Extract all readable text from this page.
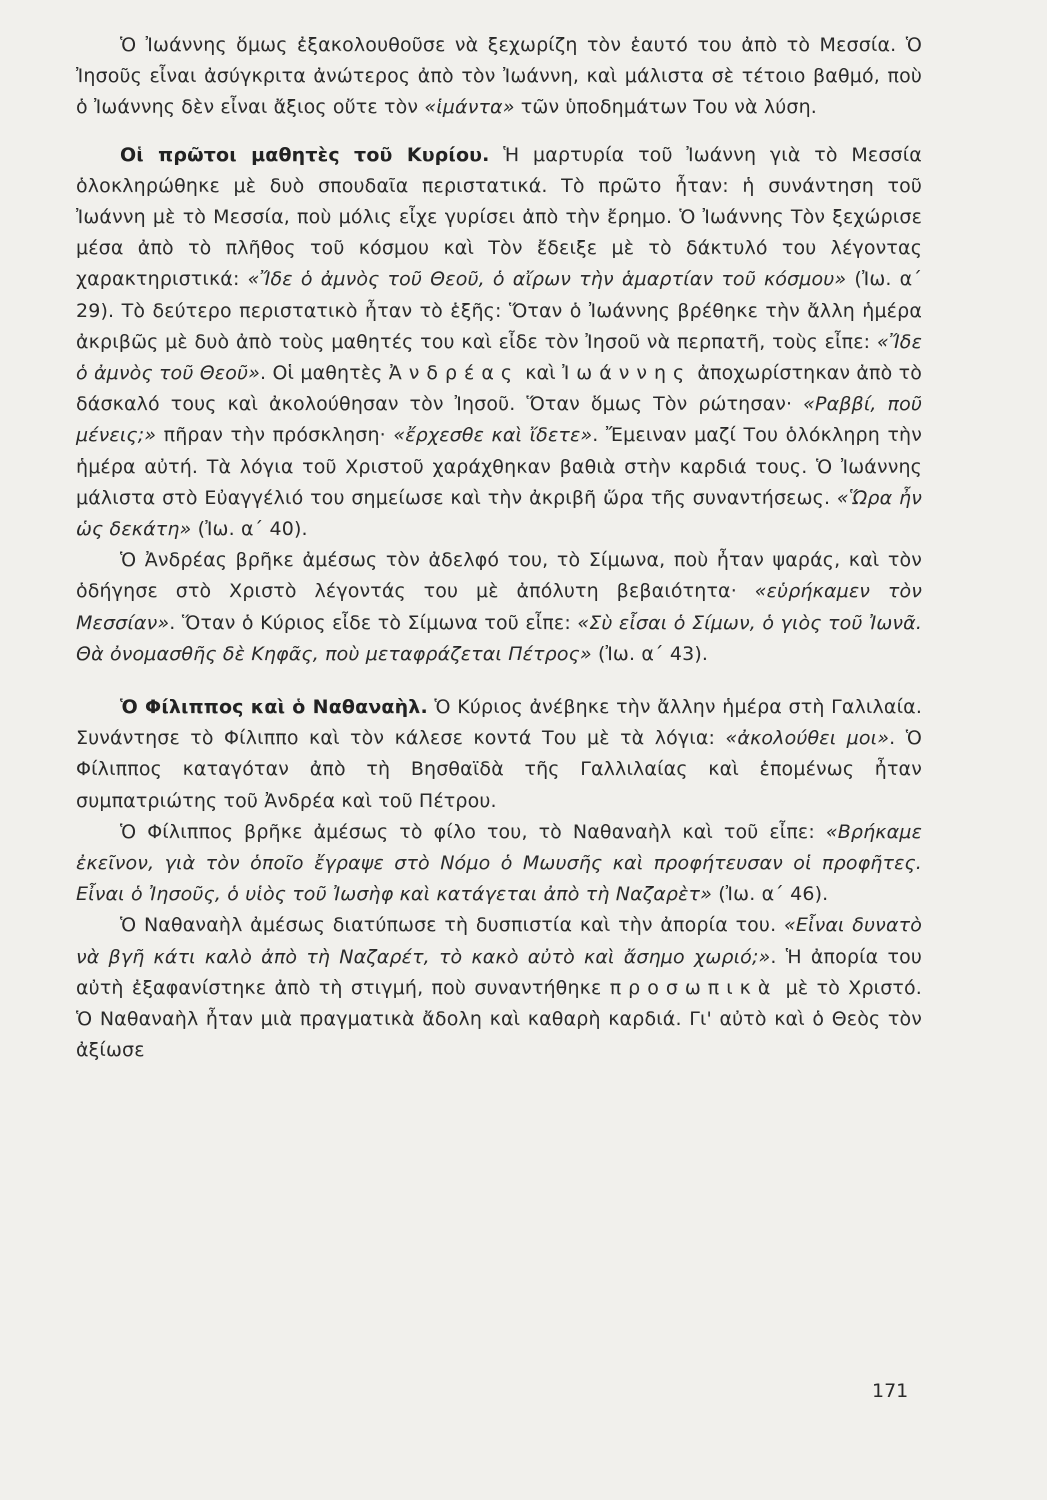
Ὁ Ἰωάννης ὅμως ἐξακολουθοῦσε νὰ ξεχωρίζη τὸν ἑαυτό του ἀπὸ τὸ Μεσσία. Ὁ Ἰησοῦς εἶναι ἀσύγκριτα ἀνώτερος ἀπὸ τὸν Ἰωάννη, καὶ μάλιστα σὲ τέτοιο βαθμό, ποὺ ὁ Ἰωάννης δὲν εἶναι ἄξιος οὔτε τὸν «ἱμάντα» τῶν ὑποδημάτων Του νὰ λύση.

Οἱ πρῶτοι μαθητὲς τοῦ Κυρίου. Ἡ μαρτυρία τοῦ Ἰωάννη γιὰ τὸ Μεσσία ὁλοκληρώθηκε μὲ δυὸ σπουδαῖα περιστατικά. Τὸ πρῶτο ἦταν: ἡ συνάντηση τοῦ Ἰωάννη μὲ τὸ Μεσσία, ποὺ μόλις εἶχε γυρίσει ἀπὸ τὴν ἔρημο. Ὁ Ἰωάννης Τὸν ξεχώρισε μέσα ἀπὸ τὸ πλῆθος τοῦ κόσμου καὶ Τὸν ἔδειξε μὲ τὸ δάκτυλό του λέγοντας χαρακτηριστικά: «Ἴδε ὁ ἀμνὸς τοῦ Θεοῦ, ὁ αἴρων τὴν ἁμαρτίαν τοῦ κόσμου» (Ἰω. α΄ 29). Τὸ δεύτερο περιστατικὸ ἦταν τὸ ἑξῆς: Ὅταν ὁ Ἰωάννης βρέθηκε τὴν ἄλλη ἡμέρα ἀκριβῶς μὲ δυὸ ἀπὸ τοὺς μαθητές του καὶ εἶδε τὸν Ἰησοῦ νὰ περπατῆ, τοὺς εἶπε: «Ἴδε ὁ ἀμνὸς τοῦ Θεοῦ». Οἱ μαθητὲς Ἀνδρέας καὶ Ἰωάννης ἀποχωρίστηκαν ἀπὸ τὸ δάσκαλό τους καὶ ἀκολούθησαν τὸν Ἰησοῦ. Ὅταν ὅμως Τὸν ρώτησαν· «Ραββί, ποῦ μένεις;» πῆραν τὴν πρόσκληση· «ἔρχεσθε καὶ ἴδετε». Ἔμειναν μαζί Του ὁλόκληρη τὴν ἡμέρα αὐτή. Τὰ λόγια τοῦ Χριστοῦ χαράχθηκαν βαθιὰ στὴν καρδιά τους. Ὁ Ἰωάννης μάλιστα στὸ Εὐαγγέλιό του σημείωσε καὶ τὴν ἀκριβῆ ὥρα τῆς συναντήσεως. «Ὥρα ἦν ὡς δεκάτη» (Ἰω. α΄ 40).

Ὁ Ἀνδρέας βρῆκε ἀμέσως τὸν ἀδελφό του, τὸ Σίμωνα, ποὺ ἦταν ψαράς, καὶ τὸν ὁδήγησε στὸ Χριστὸ λέγοντάς του μὲ ἀπόλυτη βεβαιότητα· «εὑρήκαμεν τὸν Μεσσίαν». Ὅταν ὁ Κύριος εἶδε τὸ Σίμωνα τοῦ εἶπε: «Σὺ εἶσαι ὁ Σίμων, ὁ γιὸς τοῦ Ἰωνᾶ. Θὰ ὀνομασθῆς δὲ Κηφᾶς, ποὺ μεταφράζεται Πέτρος» (Ἰω. α΄ 43).

Ὁ Φίλιππος καὶ ὁ Ναθαναὴλ. Ὁ Κύριος ἀνέβηκε τὴν ἄλλην ἡμέρα στὴ Γαλιλαία. Συνάντησε τὸ Φίλιππο καὶ τὸν κάλεσε κοντά Του μὲ τὰ λόγια: «ἀκολούθει μοι». Ὁ Φίλιππος καταγόταν ἀπὸ τὴ Βησθαϊδὰ τῆς Γαλλιλαίας καὶ ἑπομένως ἦταν συμπατριώτης τοῦ Ἀνδρέα καὶ τοῦ Πέτρου.

Ὁ Φίλιππος βρῆκε ἀμέσως τὸ φίλο του, τὸ Ναθαναὴλ καὶ τοῦ εἶπε: «Βρήκαμε ἐκεῖνον, γιὰ τὸν ὁποῖο ἔγραψε στὸ Νόμο ὁ Μωυσῆς καὶ προφήτευσαν οἱ προφῆτες. Εἶναι ὁ Ἰησοῦς, ὁ υἱὸς τοῦ Ἰωσὴφ καὶ κατάγεται ἀπὸ τὴ Ναζαρὲτ» (Ἰω. α΄ 46).

Ὁ Ναθαναὴλ ἀμέσως διατύπωσε τὴ δυσπιστία καὶ τὴν ἀπορία του. «Εἶναι δυνατὸ νὰ βγῆ κάτι καλὸ ἀπὸ τὴ Ναζαρέτ, τὸ κακὸ αὐτὸ καὶ ἄσημο χωριό;». Ἡ ἀπορία του αὐτὴ ἐξαφανίστηκε ἀπὸ τὴ στιγμή, ποὺ συναντήθηκε προσωπικὰ μὲ τὸ Χριστό. Ὁ Ναθαναὴλ ἦταν μιὰ πραγματικὰ ἄδολη καὶ καθαρὴ καρδιά. Γι' αὐτὸ καὶ ὁ Θεὸς τὸν ἀξίωσε

171
